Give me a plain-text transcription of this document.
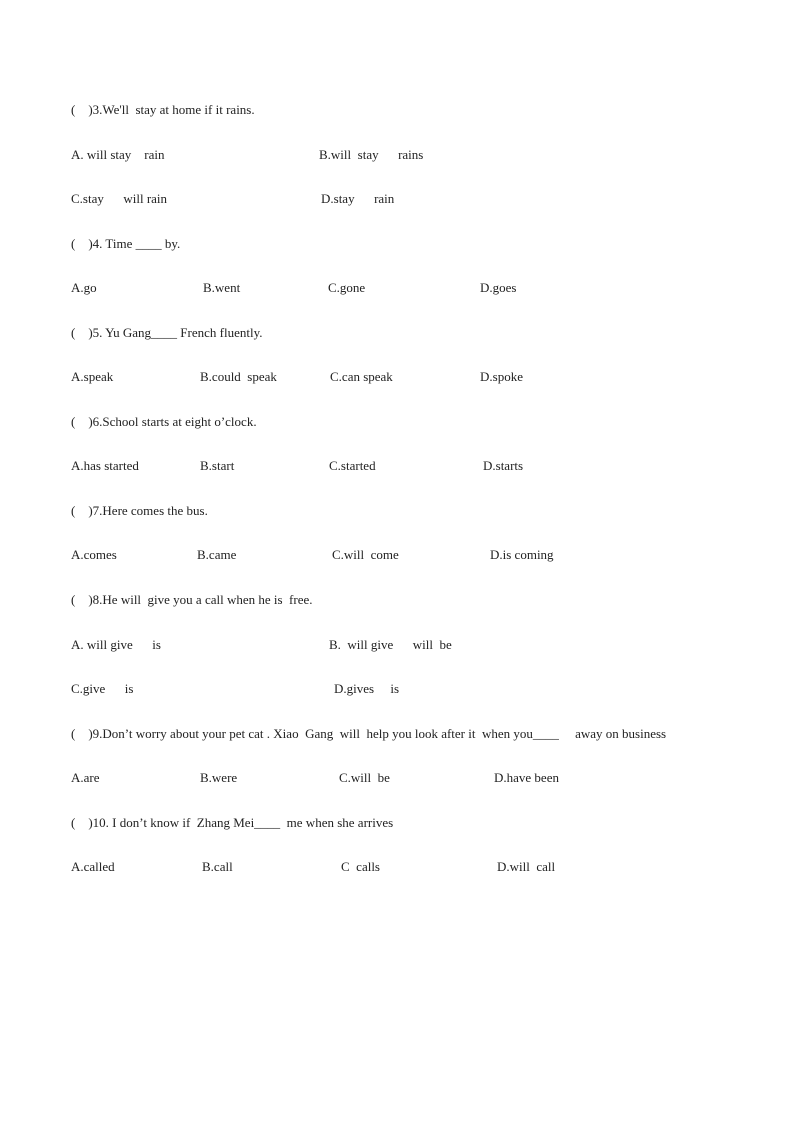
(    )3.We'll  stay at home if it rains.
A. will stay    rain	B.will  stay      rains
C.stay      will rain	D.stay      rain
(    )4. Time ____ by.
A.go	B.went	C.gone	D.goes
(    )5. Yu Gang____ French fluently.
A.speak	B.could  speak	C.can speak	D.spoke
(    )6.School starts at eight o’clock.
A.has started	B.start	C.started	D.starts
(    )7.Here comes the bus.
A.comes	B.came	C.will  come	D.is coming
(    )8.He will  give you a call when he is  free.
A. will give      is	B.  will give      will  be
C.give      is	D.gives     is
(    )9.Don’t worry about your pet cat . Xiao  Gang  will  help you look after it  when you____     away on business
A.are	B.were	C.will  be	D.have been
(    )10. I don’t know if  Zhang Mei____  me when she arrives
A.called	B.call	C  calls	D.will  call
